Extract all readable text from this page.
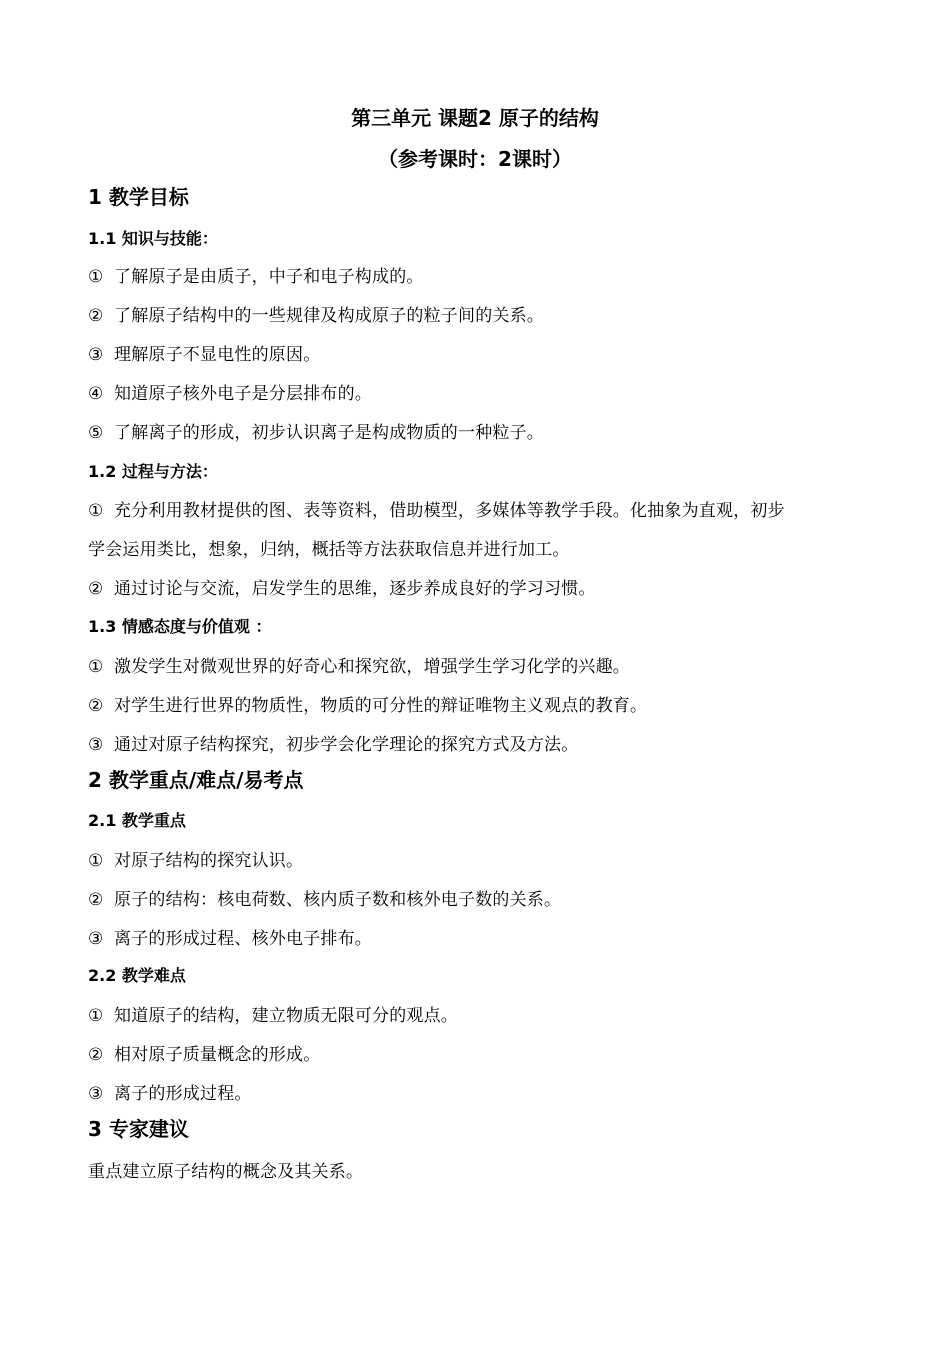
第三单元 课题2 原子的结构
（参考课时：2课时）
1 教学目标
1.1 知识与技能：
① 了解原子是由质子，中子和电子构成的。
② 了解原子结构中的一些规律及构成原子的粒子间的关系。
③ 理解原子不显电性的原因。
④ 知道原子核外电子是分层排布的。
⑤ 了解离子的形成，初步认识离子是构成物质的一种粒子。
1.2 过程与方法：
① 充分利用教材提供的图、表等资料，借助模型，多媒体等教学手段。化抽象为直观，初步
学会运用类比，想象，归纳，概括等方法获取信息并进行加工。
② 通过讨论与交流，启发学生的思维，逐步养成良好的学习习惯。
1.3 情感态度与价值观 ：
① 激发学生对微观世界的好奇心和探究欲，增强学生学习化学的兴趣。
② 对学生进行世界的物质性，物质的可分性的辩证唯物主义观点的教育。
③ 通过对原子结构探究，初步学会化学理论的探究方式及方法。
2 教学重点/难点/易考点
2.1 教学重点
① 对原子结构的探究认识。
② 原子的结构：核电荷数、核内质子数和核外电子数的关系。
③ 离子的形成过程、核外电子排布。
2.2 教学难点
① 知道原子的结构，建立物质无限可分的观点。
② 相对原子质量概念的形成。
③ 离子的形成过程。
3 专家建议
重点建立原子结构的概念及其关系。
